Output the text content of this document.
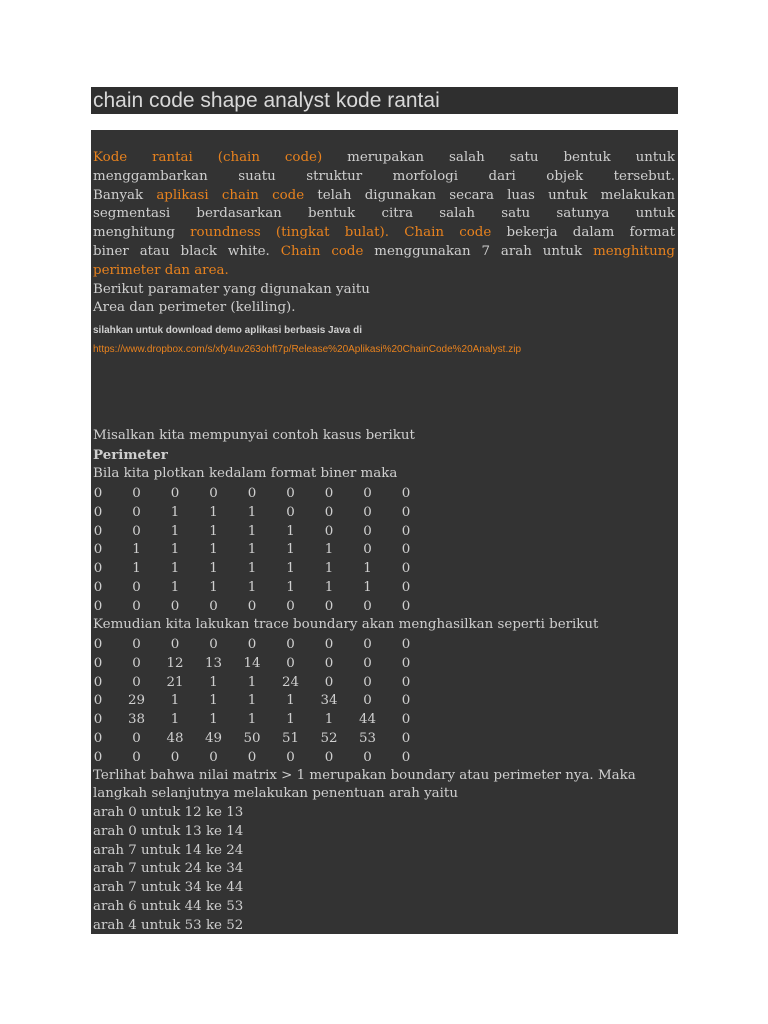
chain code shape analyst kode rantai
Kode rantai (chain code) merupakan salah satu bentuk untuk
menggambarkan suatu struktur morfologi dari objek tersebut.
Banyak aplikasi chain code telah digunakan secara luas untuk melakukan
segmentasi berdasarkan bentuk citra salah satu satunya untuk
menghitung roundness (tingkat bulat). Chain code bekerja dalam format
biner atau black white. Chain code menggunakan 7 arah untuk menghitung
perimeter dan area.
Berikut paramater yang digunakan yaitu
Area dan perimeter (keliling).
silahkan untuk download demo aplikasi berbasis Java di
https://www.dropbox.com/s/xfy4uv263ohft7p/Release%20Aplikasi%20ChainCode%20Analyst.zip
Misalkan kita mempunyai contoh kasus berikut
Perimeter
Bila kita plotkan kedalam format biner maka
0	0	0	0	0	0	0	0	0
0	0	1	1	1	0	0	0	0
0	0	1	1	1	1	0	0	0
0	1	1	1	1	1	1	0	0
0	1	1	1	1	1	1	1	0
0	0	1	1	1	1	1	1	0
0	0	0	0	0	0	0	0	0
Kemudian kita lakukan trace boundary akan menghasilkan seperti berikut
0	0	0	0	0	0	0	0	0
0	0	12 13 14	0	0	0	0
0	0	21	1	1	24	0	0	0
0	29	1	1	1	1	34	0	0
0	38	1	1	1	1	1	44	0
0	0	48 49 50 51 52 53	0
0	0	0	0	0	0	0	0	0
Terlihat bahwa nilai matrix > 1 merupakan boundary atau perimeter nya. Maka
langkah selanjutnya melakukan penentuan arah yaitu
arah 0 untuk 12 ke 13
arah 0 untuk 13 ke 14
arah 7 untuk 14 ke 24
arah 7 untuk 24 ke 34
arah 7 untuk 34 ke 44
arah 6 untuk 44 ke 53
arah 4 untuk 53 ke 52
